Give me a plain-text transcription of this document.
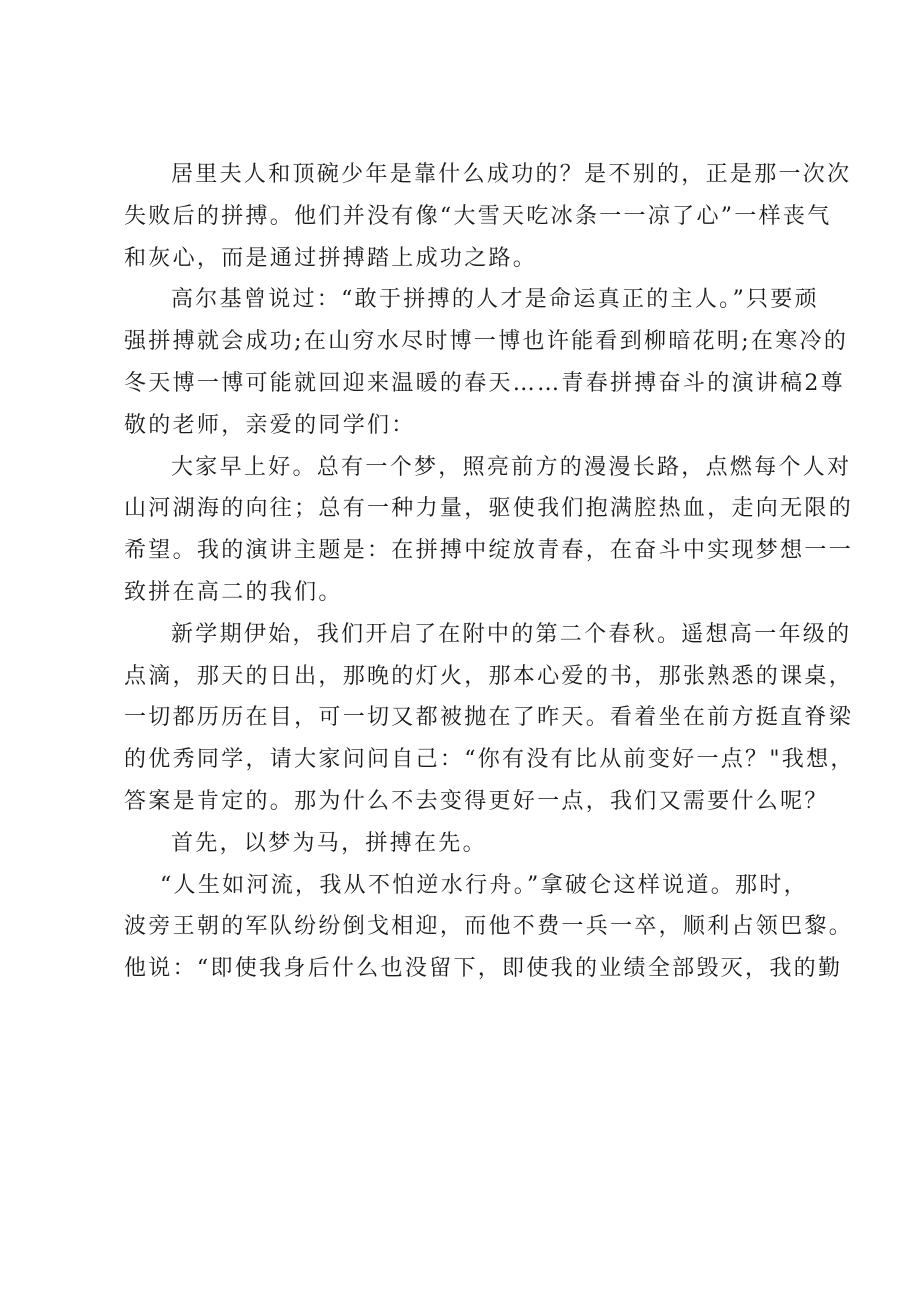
居里夫人和顶碗少年是靠什么成功的？是不别的，正是那一次次
失败后的拼搏。他们并没有像“大雪天吃冰条一一凉了心”一样丧气
和灰心，而是通过拼搏踏上成功之路。
高尔基曾说过：“敢于拼搏的人才是命运真正的主人。”只要顽
强拼搏就会成功;在山穷水尽时博一博也许能看到柳暗花明;在寒冷的
冬天博一博可能就回迎来温暖的春天……青春拼搏奋斗的演讲稿2尊
敬的老师，亲爱的同学们：
大家早上好。总有一个梦，照亮前方的漫漫长路，点燃每个人对
山河湖海的向往；总有一种力量，驱使我们抱满腔热血，走向无限的
希望。我的演讲主题是：在拼搏中绽放青春，在奋斗中实现梦想一一
致拼在高二的我们。
新学期伊始，我们开启了在附中的第二个春秋。遥想高一年级的
点滴，那天的日出，那晚的灯火，那本心爱的书，那张熟悉的课桌，
一切都历历在目，可一切又都被抛在了昨天。看着坐在前方挺直脊梁
的优秀同学，请大家问问自己：“你有没有比从前变好一点？"我想，
答案是肯定的。那为什么不去变得更好一点，我们又需要什么呢？
首先，以梦为马，拼搏在先。
“人生如河流，我从不怕逆水行舟。”拿破仑这样说道。那时，
波旁王朝的军队纷纷倒戈相迎，而他不费一兵一卒，顺利占领巴黎。
他说：“即使我身后什么也没留下，即使我的业绩全部毁灭，我的勤
